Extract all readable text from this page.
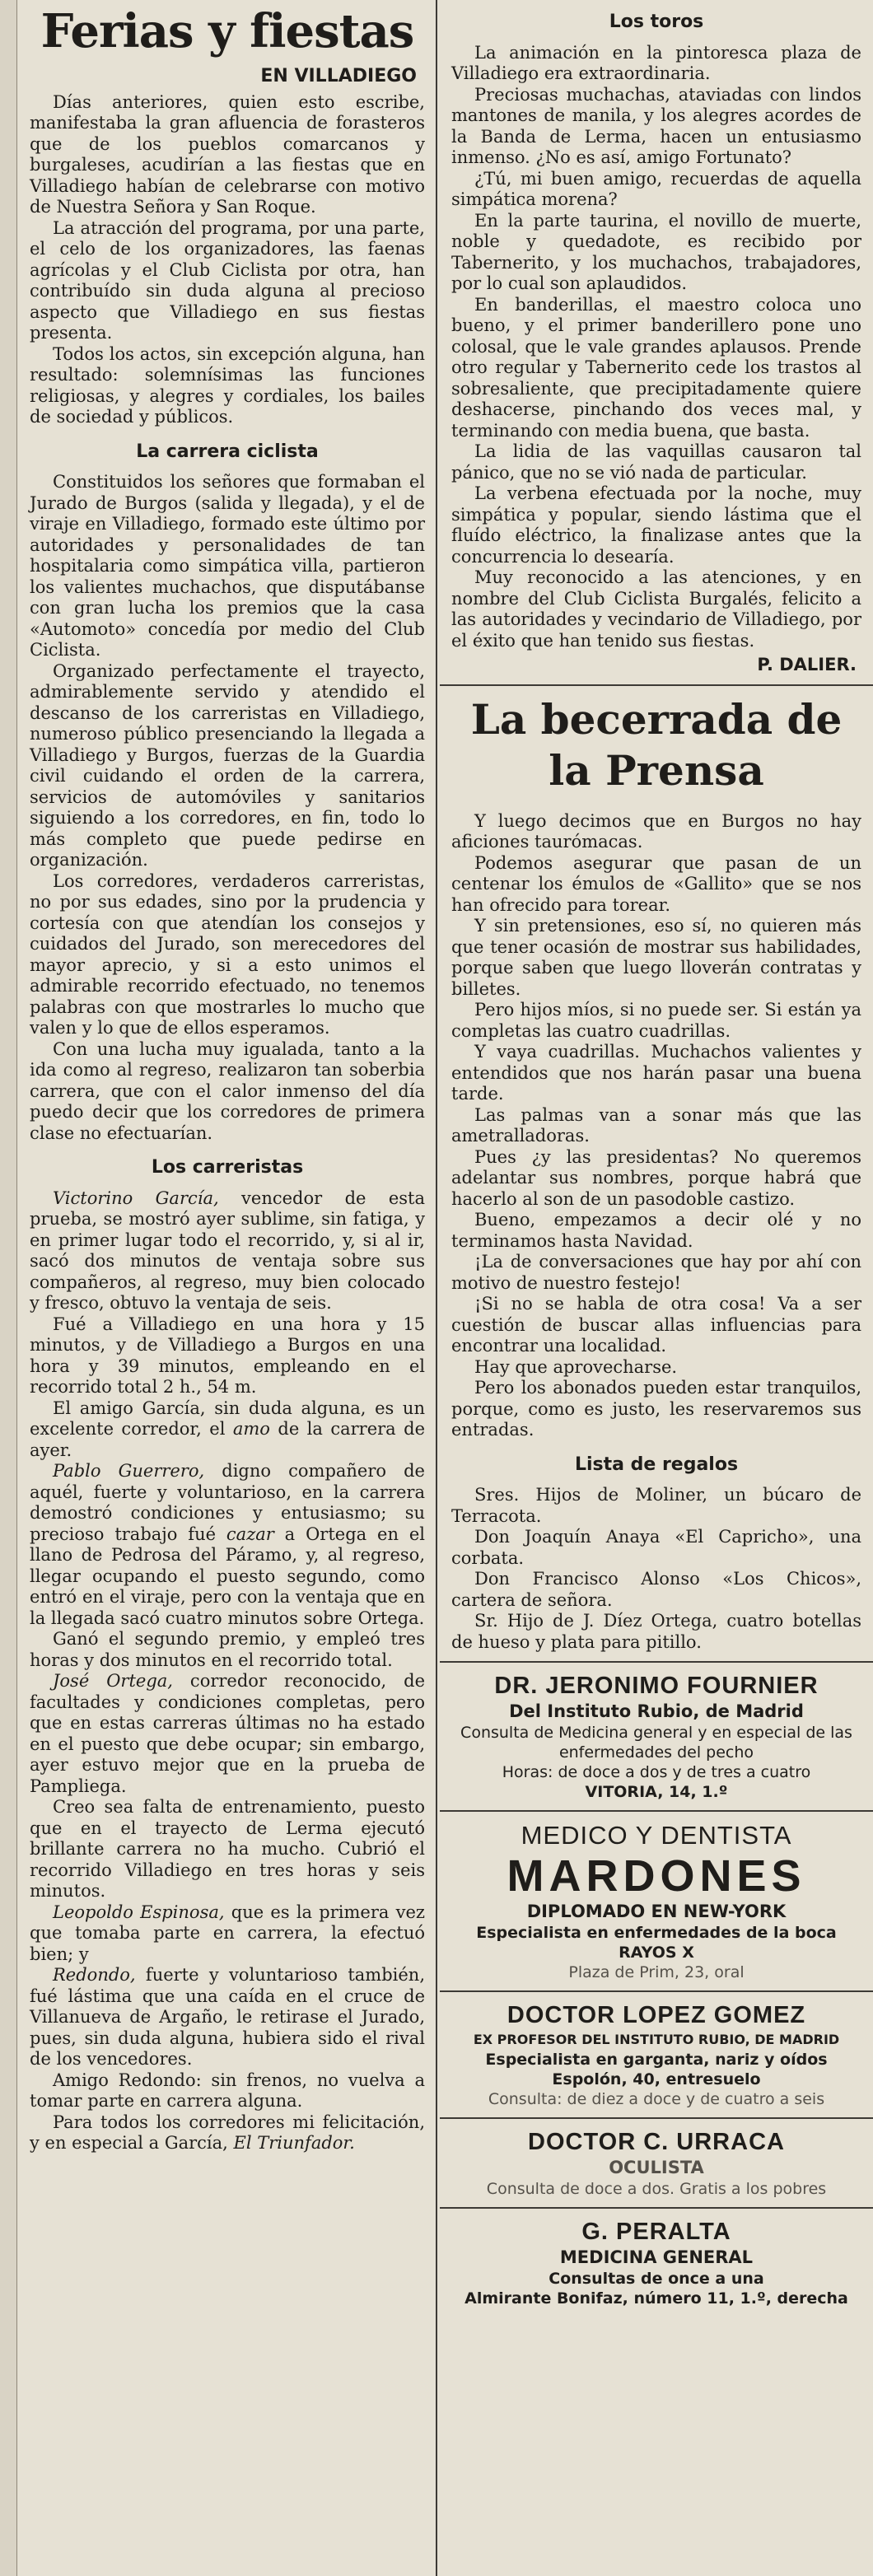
Ferias y fiestas
EN VILLADIEGO

Días anteriores, quien esto escribe, manifestaba la gran afluencia de forasteros que de los pueblos comarcanos y burgaleses, acudirían a las fiestas que en Villadiego habían de celebrarse con motivo de Nuestra Señora y San Roque.

La atracción del programa, por una parte, el celo de los organizadores, las faenas agrícolas y el Club Ciclista por otra, han contribuído sin duda alguna al precioso aspecto que Villadiego en sus fiestas presenta.

Todos los actos, sin excepción alguna, han resultado: solemnísimas las funciones religiosas, y alegres y cordiales, los bailes de sociedad y públicos.

La carrera ciclista

Constituidos los señores que formaban el Jurado de Burgos (salida y llegada), y el de viraje en Villadiego, formado este último por autoridades y personalidades de tan hospitalaria como simpática villa, partieron los valientes muchachos, que disputábanse con gran lucha los premios que la casa «Automoto» concedía por medio del Club Ciclista.

Organizado perfectamente el trayecto, admirablemente servido y atendido el descanso de los carreristas en Villadiego, numeroso público presenciando la llegada a Villadiego y Burgos, fuerzas de la Guardia civil cuidando el orden de la carrera, servicios de automóviles y sanitarios siguiendo a los corredores, en fin, todo lo más completo que puede pedirse en organización.

Los corredores, verdaderos carreristas, no por sus edades, sino por la prudencia y cortesía con que atendían los consejos y cuidados del Jurado, son merecedores del mayor aprecio, y si a esto unimos el admirable recorrido efectuado, no tenemos palabras con que mostrarles lo mucho que valen y lo que de ellos esperamos.

Con una lucha muy igualada, tanto a la ida como al regreso, realizaron tan soberbia carrera, que con el calor inmenso del día puedo decir que los corredores de primera clase no efectuarían.

Los carreristas

Victorino García, vencedor de esta prueba, se mostró ayer sublime, sin fatiga, y en primer lugar todo el recorrido, y, si al ir, sacó dos minutos de ventaja sobre sus compañeros, al regreso, muy bien colocado y fresco, obtuvo la ventaja de seis.

Fué a Villadiego en una hora y 15 minutos, y de Villadiego a Burgos en una hora y 39 minutos, empleando en el recorrido total 2 h., 54 m.

El amigo García, sin duda alguna, es un excelente corredor, el amo de la carrera de ayer.

Pablo Guerrero, digno compañero de aquél, fuerte y voluntarioso, en la carrera demostró condiciones y entusiasmo; su precioso trabajo fué cazar a Ortega en el llano de Pedrosa del Páramo, y, al regreso, llegar ocupando el puesto segundo, como entró en el viraje, pero con la ventaja que en la llegada sacó cuatro minutos sobre Ortega.

Ganó el segundo premio, y empleó tres horas y dos minutos en el recorrido total.

José Ortega, corredor reconocido, de facultades y condiciones completas, pero que en estas carreras últimas no ha estado en el puesto que debe ocupar; sin embargo, ayer estuvo mejor que en la prueba de Pampliega.

Creo sea falta de entrenamiento, puesto que en el trayecto de Lerma ejecutó brillante carrera no ha mucho. Cubrió el recorrido Villadiego en tres horas y seis minutos.

Leopoldo Espinosa, que es la primera vez que tomaba parte en carrera, la efectuó bien; y

Redondo, fuerte y voluntarioso también, fué lástima que una caída en el cruce de Villanueva de Argaño, le retirase el Jurado, pues, sin duda alguna, hubiera sido el rival de los vencedores.

Amigo Redondo: sin frenos, no vuelva a tomar parte en carrera alguna.

Para todos los corredores mi felicitación, y en especial a García, El Triunfador.

Los toros

La animación en la pintoresca plaza de Villadiego era extraordinaria.

Preciosas muchachas, ataviadas con lindos mantones de manila, y los alegres acordes de la Banda de Lerma, hacen un entusiasmo inmenso. ¿No es así, amigo Fortunato?

¿Tú, mi buen amigo, recuerdas de aquella simpática morena?

En la parte taurina, el novillo de muerte, noble y quedadote, es recibido por Tabernerito, y los muchachos, trabajadores, por lo cual son aplaudidos.

En banderillas, el maestro coloca uno bueno, y el primer banderillero pone uno colosal, que le vale grandes aplausos. Prende otro regular y Tabernerito cede los trastos al sobresaliente, que precipitadamente quiere deshacerse, pinchando dos veces mal, y terminando con media buena, que basta.

La lidia de las vaquillas causaron tal pánico, que no se vió nada de particular.

La verbena efectuada por la noche, muy simpática y popular, siendo lástima que el fluído eléctrico, la finalizase antes que la concurrencia lo desearía.

Muy reconocido a las atenciones, y en nombre del Club Ciclista Burgalés, felicito a las autoridades y vecindario de Villadiego, por el éxito que han tenido sus fiestas.

P. DALIER.
La becerrada de la Prensa

Y luego decimos que en Burgos no hay aficiones taurómacas.

Podemos asegurar que pasan de un centenar los émulos de «Gallito» que se nos han ofrecido para torear.

Y sin pretensiones, eso sí, no quieren más que tener ocasión de mostrar sus habilidades, porque saben que luego lloverán contratas y billetes.

Pero hijos míos, si no puede ser. Si están ya completas las cuatro cuadrillas.

Y vaya cuadrillas. Muchachos valientes y entendidos que nos harán pasar una buena tarde.

Las palmas van a sonar más que las ametralladoras.

Pues ¿y las presidentas? No queremos adelantar sus nombres, porque habrá que hacerlo al son de un pasodoble castizo.

Bueno, empezamos a decir olé y no terminamos hasta Navidad.

¡La de conversaciones que hay por ahí con motivo de nuestro festejo!

¡Si no se habla de otra cosa! Va a ser cuestión de buscar allas influencias para encontrar una localidad.

Hay que aprovecharse.

Pero los abonados pueden estar tranquilos, porque, como es justo, les reservaremos sus entradas.

Lista de regalos

Sres. Hijos de Moliner, un búcaro de Terracota.

Don Joaquín Anaya «El Capricho», una corbata.

Don Francisco Alonso «Los Chicos», cartera de señora.

Sr. Hijo de J. Díez Ortega, cuatro botellas de hueso y plata para pitillo.

DR. JERONIMO FOURNIER
Del Instituto Rubio, de Madrid
Consulta de Medicina general y en especial de las enfermedades del pecho
Horas: de doce a dos y de tres a cuatro
VITORIA, 14, 1.º
MEDICO Y DENTISTA
MARDONES
DIPLOMADO EN NEW-YORK
Especialista en enfermedades de la boca
RAYOS X
Plaza de Prim, 23, oral
DOCTOR LOPEZ GOMEZ
EX PROFESOR DEL INSTITUTO RUBIO, DE MADRID
Especialista en garganta, nariz y oídos
Espolón, 40, entresuelo
Consulta: de diez a doce y de cuatro a seis
DOCTOR C. URRACA
OCULISTA
Consulta de doce a dos. Gratis a los pobres
G. PERALTA
MEDICINA GENERAL
Consultas de once a una
Almirante Bonifaz, número 11, 1.º, derecha
